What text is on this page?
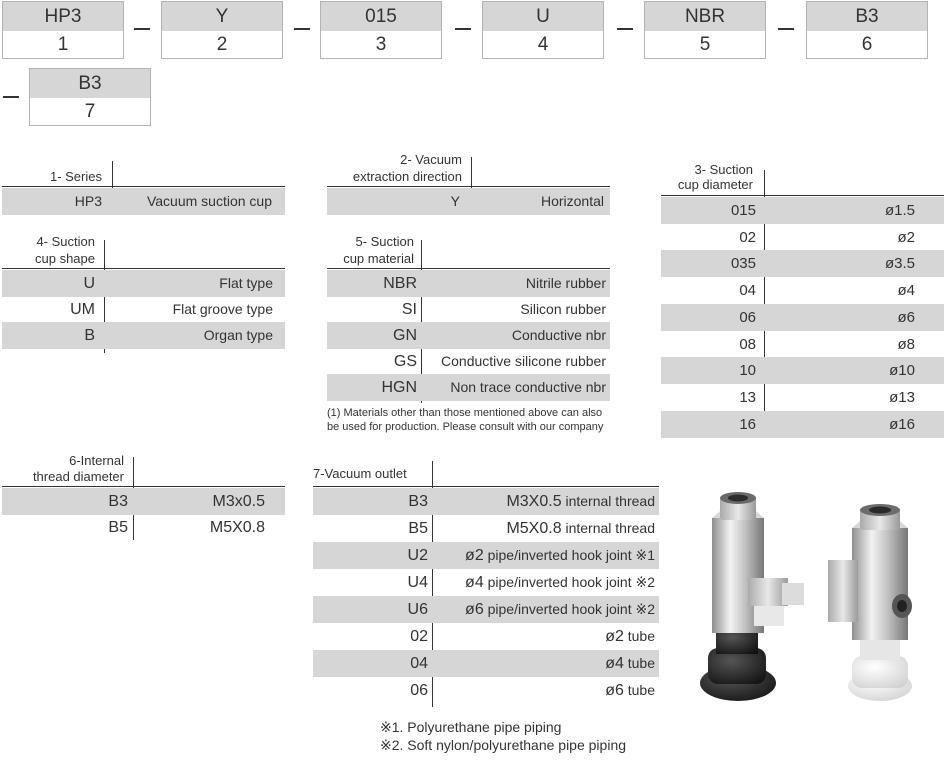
HP3
1
Y
2
015
3
U
4
NBR
5
B3
6
B3
7
1- Series
HP3	Vacuum suction cup
2- Vacuum
extraction direction
Y	Horizontal
3- Suction
cup diameter
015	ø1.5
02	ø2
035	ø3.5
04	ø4
06	ø6
08	ø8
10	ø10
13	ø13
16	ø16
4- Suction
cup shape
U	Flat type
UM	Flat groove type
B	Organ type
5- Suction
cup material
NBR	Nitrile rubber
SI	Silicon rubber
GN	Conductive nbr
GS Conductive silicone rubber
HGN Non trace conductive nbr
(1) Materials other than those mentioned above can also
be used for production. Please consult with our company
6-Internal
thread diameter
B3	M3x0.5
B5	M5X0.8
7-Vacuum outlet
B3	M3X0.5 internal thread
B5	M5X0.8 internal thread
U2 ø2 pipe/inverted hook joint ※1
U4 ø4 pipe/inverted hook joint ※2
U6 ø6 pipe/inverted hook joint ※2
02	ø2 tube
04	ø4 tube
06	ø6 tube
※1. Polyurethane pipe piping
※2. Soft nylon/polyurethane pipe piping
